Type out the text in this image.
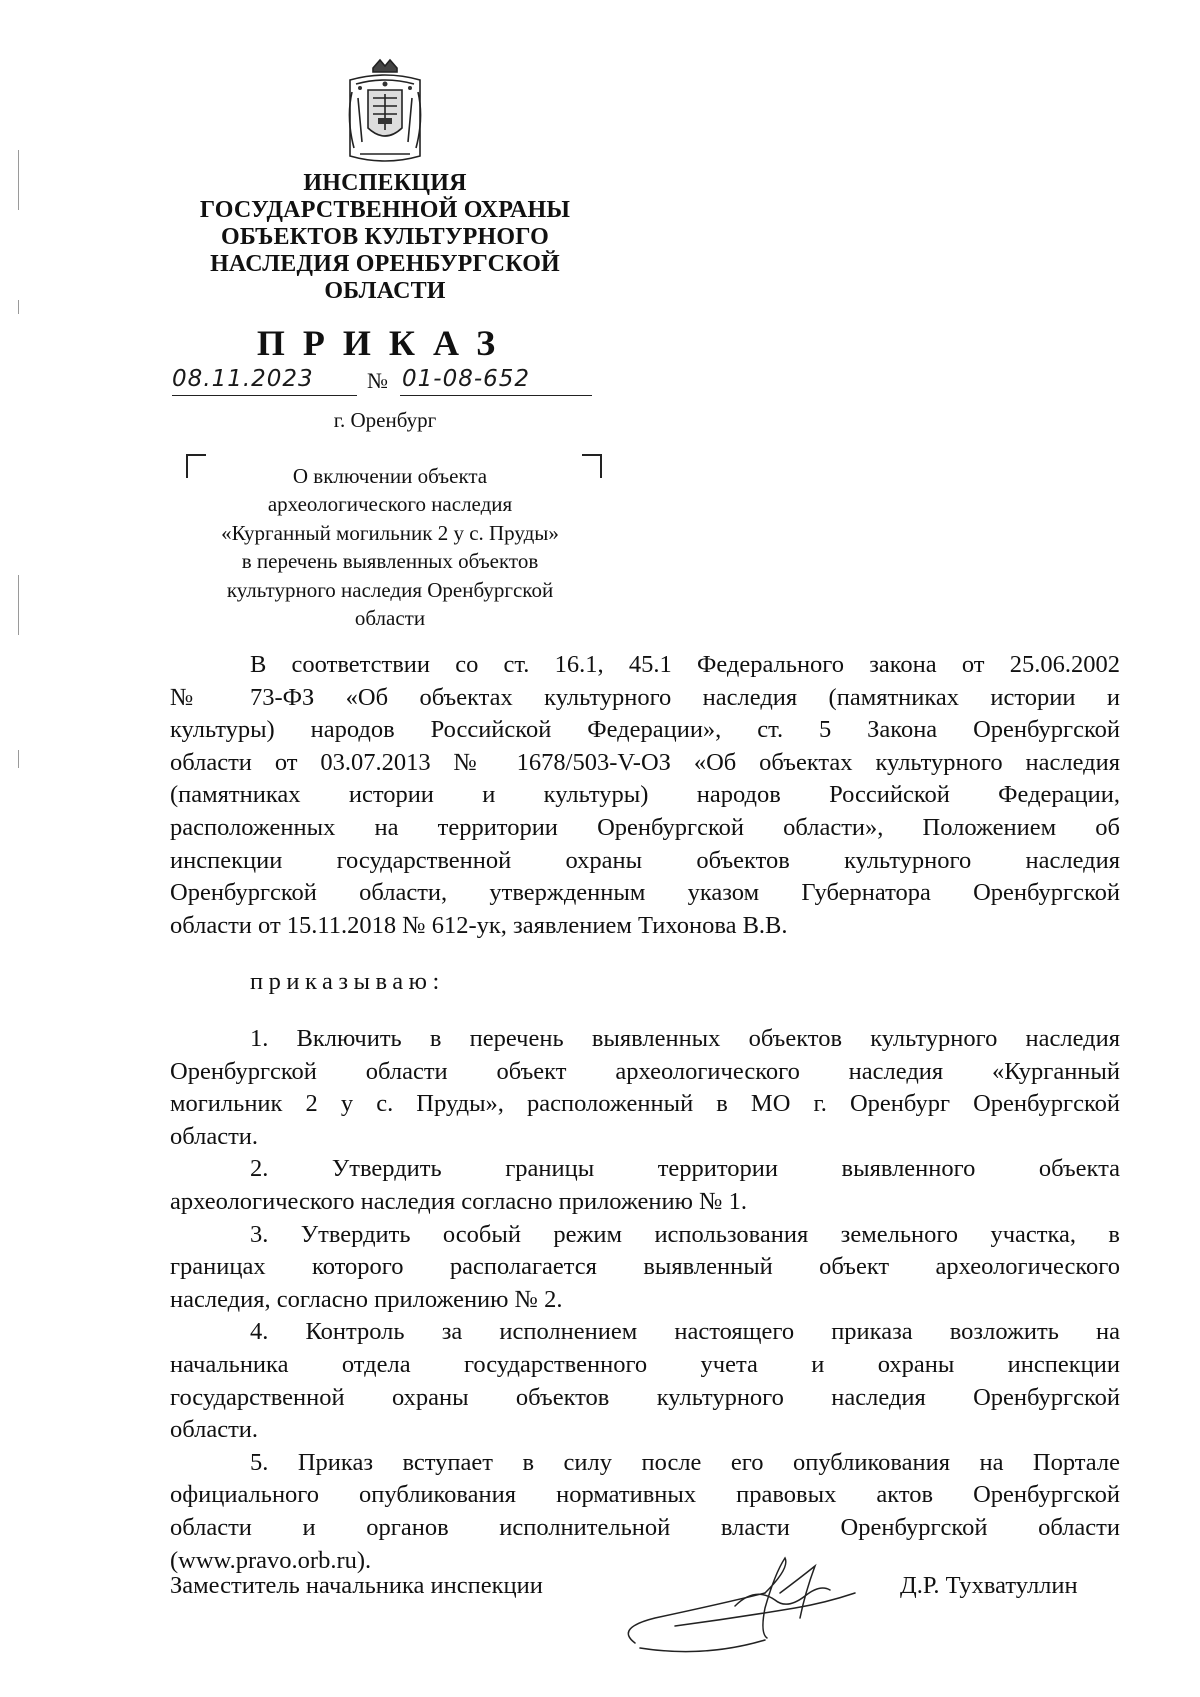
ИНСПЕКЦИЯ
ГОСУДАРСТВЕННОЙ ОХРАНЫ
ОБЪЕКТОВ КУЛЬТУРНОГО
НАСЛЕДИЯ ОРЕНБУРГСКОЙ
ОБЛАСТИ
ПРИКАЗ
08.11.2023 № 01-08-652
г. Оренбург
О включении объекта
археологического наследия
«Курганный могильник 2 у с. Пруды»
в перечень выявленных объектов
культурного наследия Оренбургской
области
В соответствии со ст. 16.1, 45.1 Федерального закона от 25.06.2002
№ 73-ФЗ «Об объектах культурного наследия (памятниках истории и
культуры) народов Российской Федерации», ст. 5 Закона Оренбургской
области от 03.07.2013 № 1678/503-V-ОЗ «Об объектах культурного наследия
(памятниках истории и культуры) народов Российской Федерации,
расположенных на территории Оренбургской области», Положением об
инспекции государственной охраны объектов культурного наследия
Оренбургской области, утвержденным указом Губернатора Оренбургской
области от 15.11.2018 № 612-ук, заявлением Тихонова В.В.
приказываю:
1. Включить в перечень выявленных объектов культурного наследия
Оренбургской области объект археологического наследия «Курганный
могильник 2 у с. Пруды», расположенный в МО г. Оренбург Оренбургской
области.
2. Утвердить границы территории выявленного объекта
археологического наследия согласно приложению № 1.
3. Утвердить особый режим использования земельного участка, в
границах которого располагается выявленный объект археологического
наследия, согласно приложению № 2.
4. Контроль за исполнением настоящего приказа возложить на
начальника отдела государственного учета и охраны инспекции
государственной охраны объектов культурного наследия Оренбургской
области.
5. Приказ вступает в силу после его опубликования на Портале
официального опубликования нормативных правовых актов Оренбургской
области и органов исполнительной власти Оренбургской области
(www.pravo.orb.ru).
Заместитель начальника инспекции	Д.Р. Тухватуллин
